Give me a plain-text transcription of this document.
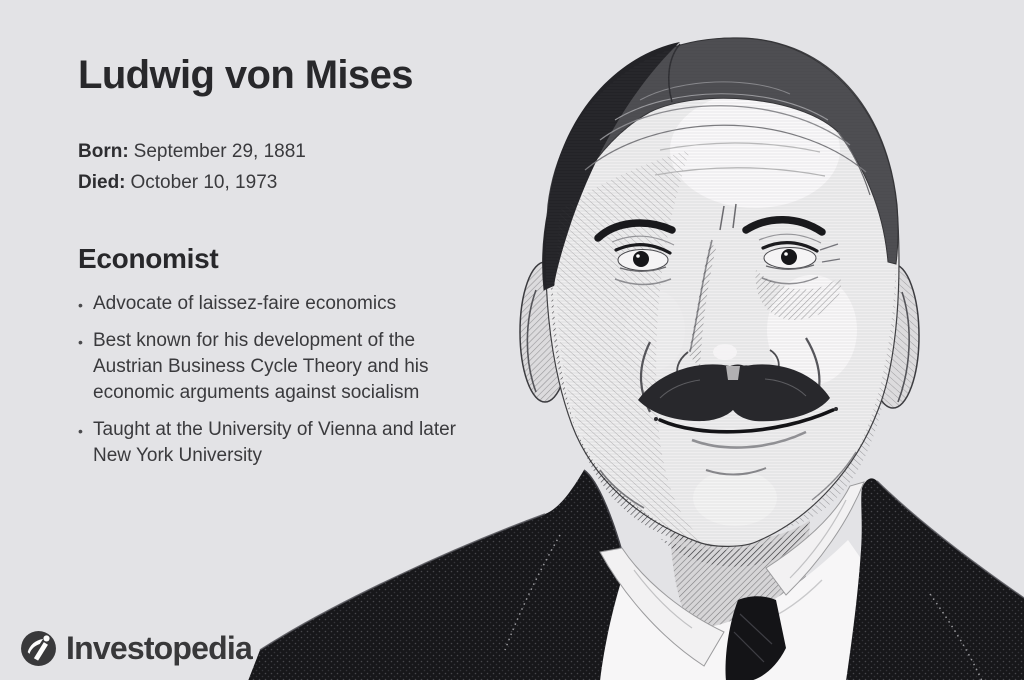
Ludwig von Mises
Born: September 29, 1881
Died: October 10, 1973
Economist
• Advocate of laissez-faire economics
• Best known for his development of the Austrian Business Cycle Theory and his economic arguments against socialism
• Taught at the University of Vienna and later New York University
Investopedia
